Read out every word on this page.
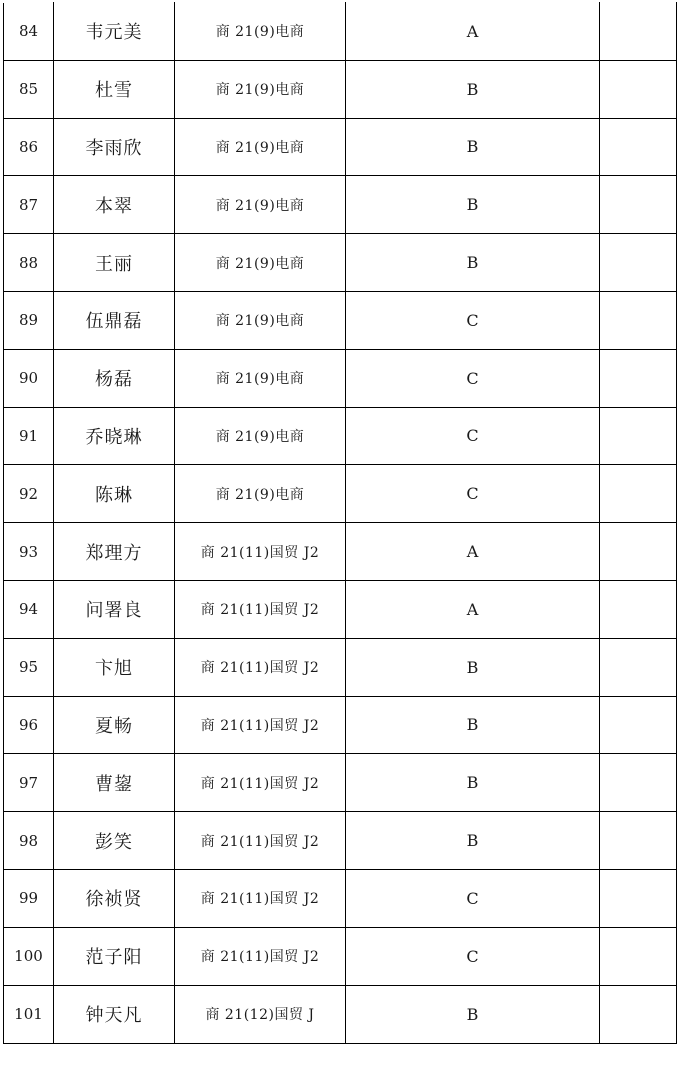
84	韦元美	商 21(9)电商	A	
85	杜雪	商 21(9)电商	B	
86	李雨欣	商 21(9)电商	B	
87	本翠	商 21(9)电商	B	
88	王丽	商 21(9)电商	B	
89	伍鼎磊	商 21(9)电商	C	
90	杨磊	商 21(9)电商	C	
91	乔晓琳	商 21(9)电商	C	
92	陈琳	商 21(9)电商	C	
93	郑理方	商 21(11)国贸 J2	A	
94	问署良	商 21(11)国贸 J2	A	
95	卞旭	商 21(11)国贸 J2	B	
96	夏畅	商 21(11)国贸 J2	B	
97	曹鋆	商 21(11)国贸 J2	B	
98	彭笑	商 21(11)国贸 J2	B	
99	徐祯贤	商 21(11)国贸 J2	C	
100	范子阳	商 21(11)国贸 J2	C	
101	钟天凡	商 21(12)国贸 J	B	
